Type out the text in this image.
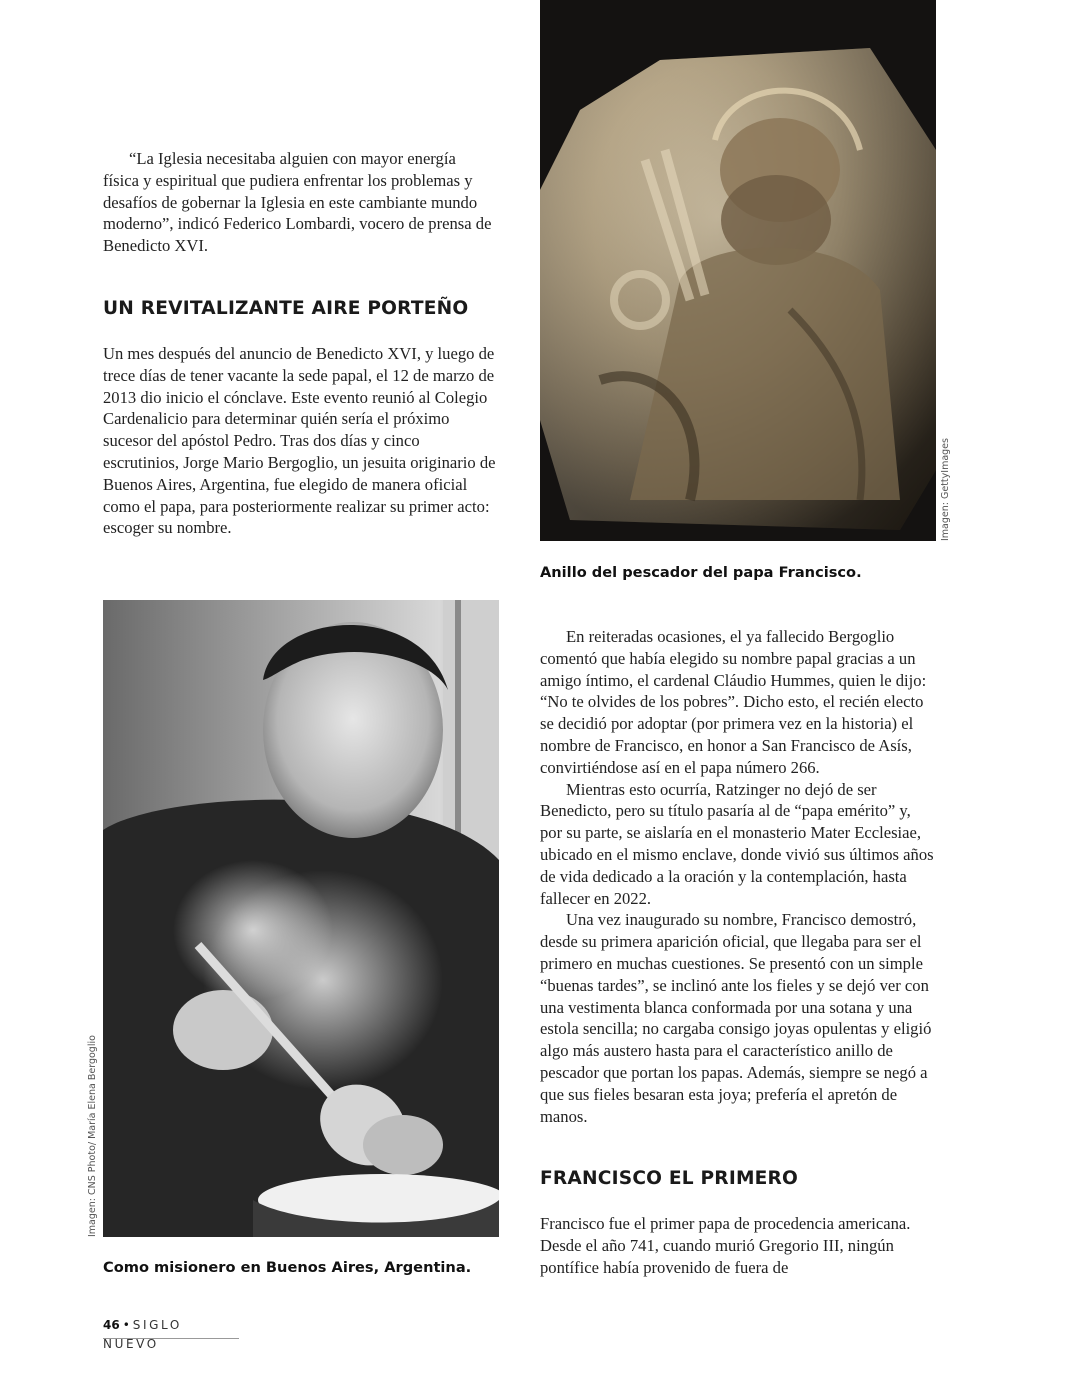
“La Iglesia necesitaba alguien con mayor energía física y espiritual que pudiera enfrentar los problemas y desafíos de gobernar la Iglesia en este cambiante mundo moderno”, indicó Federico Lombardi, vocero de prensa de Benedicto XVI.

UN REVITALIZANTE AIRE PORTEÑO

Un mes después del anuncio de Benedicto XVI, y luego de trece días de tener vacante la sede papal, el 12 de marzo de 2013 dio inicio el cónclave. Este evento reunió al Colegio Cardenalicio para determinar quién sería el próximo sucesor del apóstol Pedro. Tras dos días y cinco escrutinios, Jorge Mario Bergoglio, un jesuita originario de Buenos Aires, Argentina, fue elegido de manera oficial como el papa, para posteriormente realizar su primer acto: escoger su nombre.	Imagen: GettyImages

Anillo del pescador del papa Francisco.

Imagen: CNS Photo/ María Elena Bergoglio

Como misionero en Buenos Aires, Argentina.

En reiteradas ocasiones, el ya fallecido Bergoglio comentó que había elegido su nombre papal gracias a un amigo íntimo, el cardenal Cláudio Hummes, quien le dijo: “No te olvides de los pobres”. Dicho esto, el recién electo se decidió por adoptar (por primera vez en la historia) el nombre de Francisco, en honor a San Francisco de Asís, convirtiéndose así en el papa número 266.

Mientras esto ocurría, Ratzinger no dejó de ser Benedicto, pero su título pasaría al de “papa emérito” y, por su parte, se aislaría en el monasterio Mater Ecclesiae, ubicado en el mismo enclave, donde vivió sus últimos años de vida dedicado a la oración y la contemplación, hasta fallecer en 2022.

Una vez inaugurado su nombre, Francisco demostró, desde su primera aparición oficial, que llegaba para ser el primero en muchas cuestiones. Se presentó con un simple “buenas tardes”, se inclinó ante los fieles y se dejó ver con una vestimenta blanca conformada por una sotana y una estola sencilla; no cargaba consigo joyas opulentas y eligió algo más austero hasta para el característico anillo de pescador que portan los papas. Además, siempre se negó a que sus fieles besaran esta joya; prefería el apretón de manos.

FRANCISCO EL PRIMERO

Francisco fue el primer papa de procedencia americana. Desde el año 741, cuando murió Gregorio III, ningún pontífice había provenido de fuera de

46 • SIGLO NUEVO
